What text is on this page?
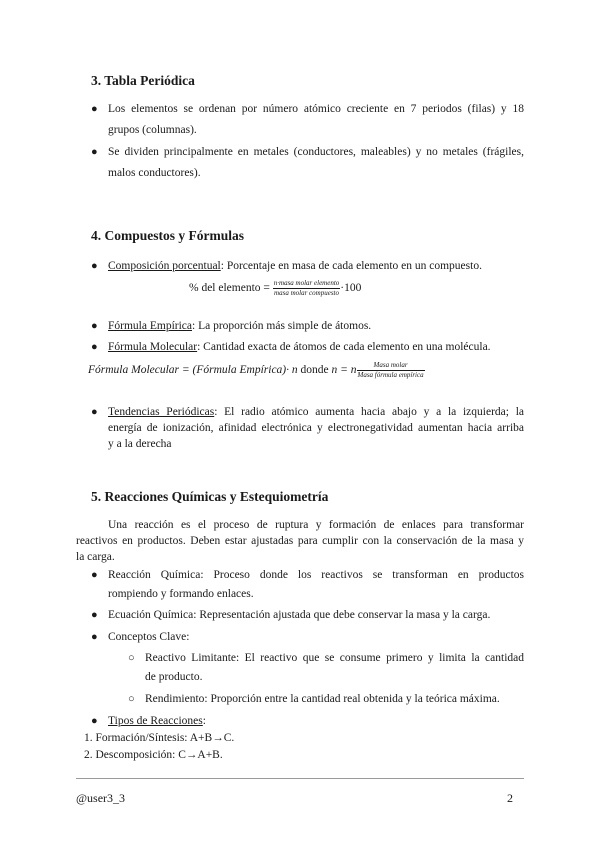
3. Tabla Periódica
● Los elementos se ordenan por número atómico creciente en 7 periodos (filas) y 18
grupos (columnas).
● Se dividen principalmente en metales (conductores, maleables) y no metales (frágiles,
malos conductores).
4. Compuestos y Fórmulas
● Composición porcentual: Porcentaje en masa de cada elemento en un compuesto.
% del elemento = $\frac{\text{n·masa molar elemento}}{\text{masa molar compuesto}} \cdot 100$
● Fórmula Empírica: La proporción más simple de átomos.
● Fórmula Molecular: Cantidad exacta de átomos de cada elemento en una molécula.
Fórmula Molecular = (Fórmula Empírica)· n donde n = n $\frac{\text{Masa molar}}{\text{Masa fórmula empírica}}$
● Tendencias Periódicas: El radio atómico aumenta hacia abajo y a la izquierda; la
energía de ionización, afinidad electrónica y electronegatividad aumentan hacia arriba
y a la derecha
5. Reacciones Químicas y Estequiometría
Una reacción es el proceso de ruptura y formación de enlaces para transformar
reactivos en productos. Deben estar ajustadas para cumplir con la conservación de la masa y
la carga.
● Reacción Química: Proceso donde los reactivos se transforman en productos
rompiendo y formando enlaces.
● Ecuación Química: Representación ajustada que debe conservar la masa y la carga.
● Conceptos Clave:
○ Reactivo Limitante: El reactivo que se consume primero y limita la cantidad
de producto.
○ Rendimiento: Proporción entre la cantidad real obtenida y la teórica máxima.
● Tipos de Reacciones:
1. Formación/Síntesis: A+B→C.
2. Descomposición: C→A+B.
@user3_3	2
